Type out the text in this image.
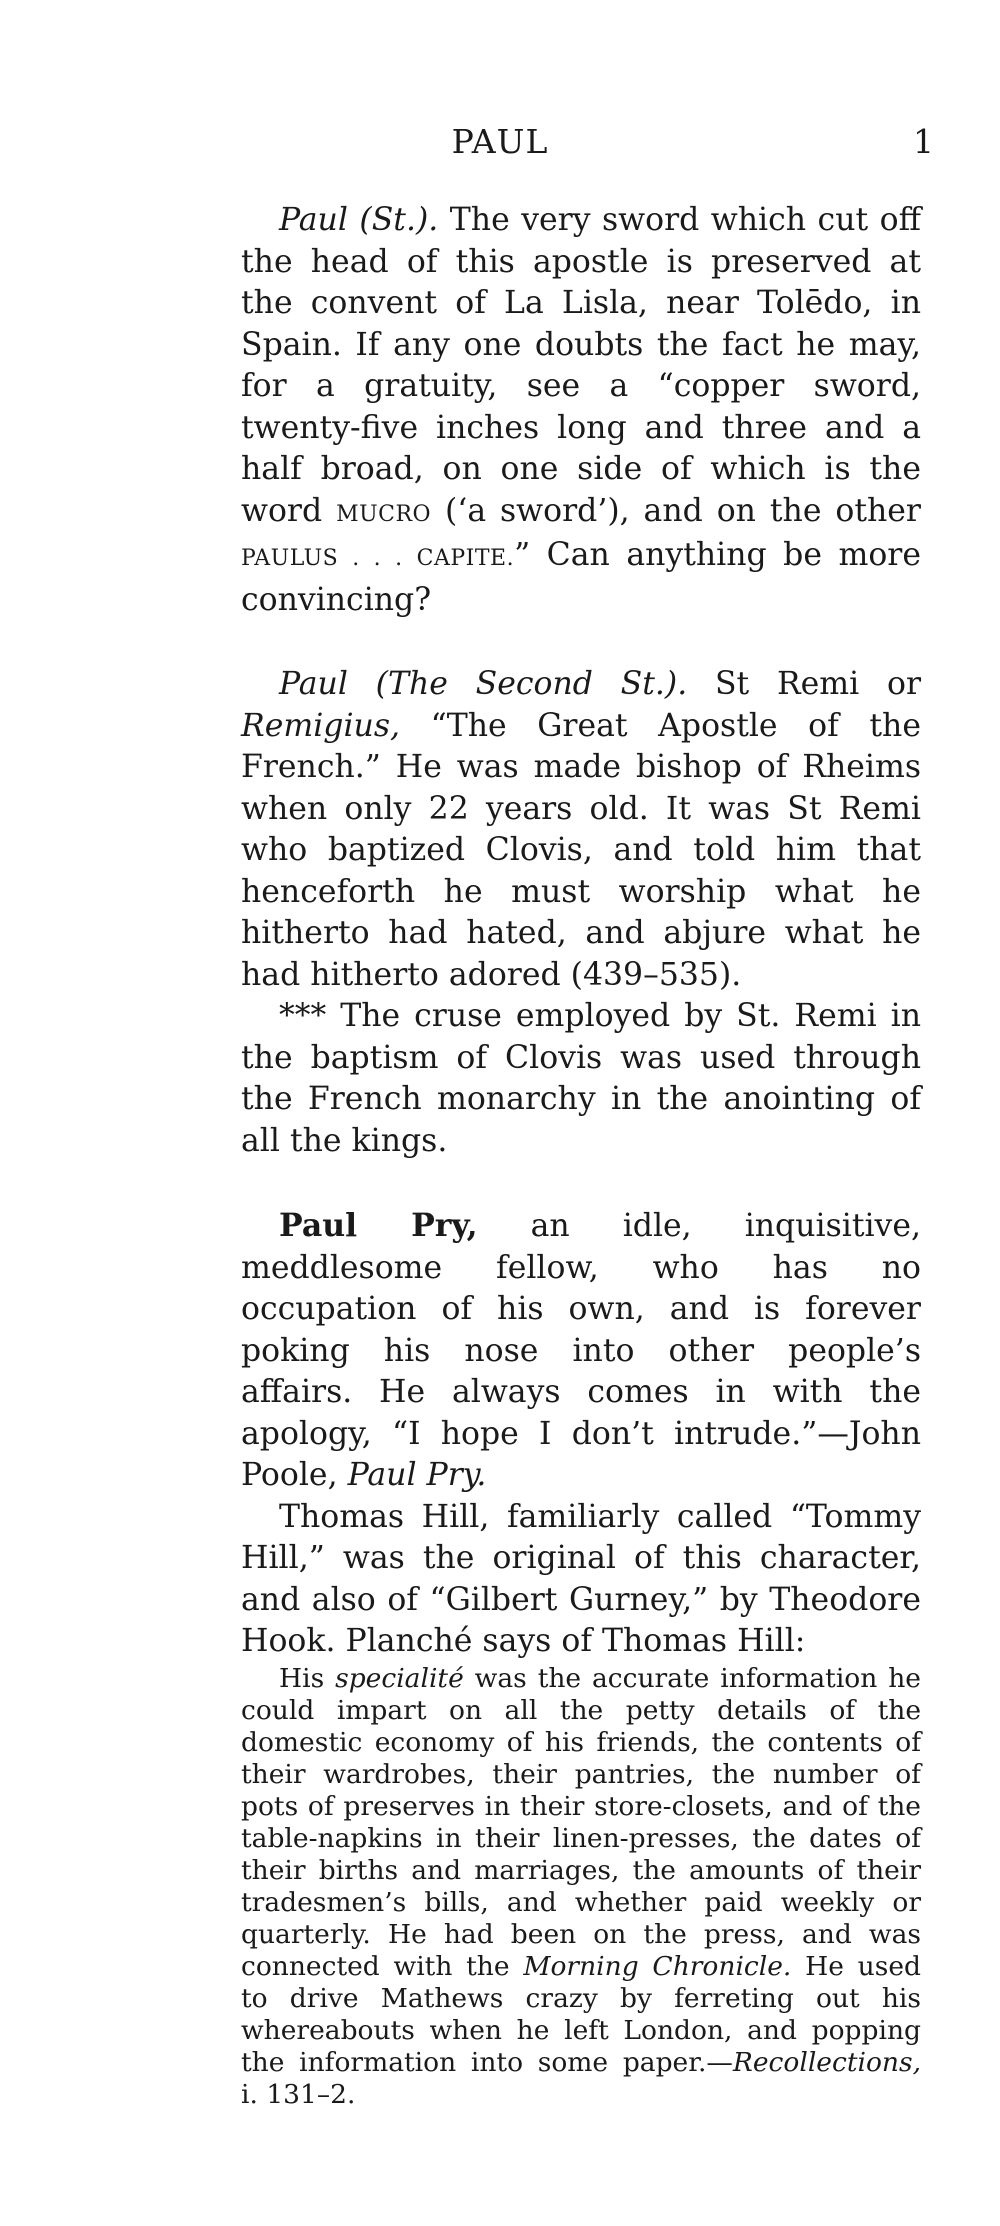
PAUL	1

Paul (St.). The very sword which cut off the head of this apostle is preserved at the convent of La Lisla, near Tolēdo, in Spain. If any one doubts the fact he may, for a gratuity, see a “copper sword, twenty-five inches long and three and a half broad, on one side of which is the word MUCRO (‘a sword’), and on the other PAULUS . . . CAPITE.” Can anything be more convincing?

Paul (The Second St.). St Remi or Remigius, “The Great Apostle of the French.” He was made bishop of Rheims when only 22 years old. It was St Remi who baptized Clovis, and told him that henceforth he must worship what he hitherto had hated, and abjure what he had hitherto adored (439–535).

*** The cruse employed by St. Remi in the baptism of Clovis was used through the French monarchy in the anointing of all the kings.

Paul Pry, an idle, inquisitive, meddlesome fellow, who has no occupation of his own, and is forever poking his nose into other people’s affairs. He always comes in with the apology, “I hope I don’t intrude.”—John Poole, Paul Pry.

Thomas Hill, familiarly called “Tommy Hill,” was the original of this character, and also of “Gilbert Gurney,” by Theodore Hook. Planché says of Thomas Hill:

His specialité was the accurate information he could impart on all the petty details of the domestic economy of his friends, the contents of their wardrobes, their pantries, the number of pots of preserves in their store-closets, and of the table-napkins in their linen-presses, the dates of their births and marriages, the amounts of their tradesmen’s bills, and whether paid weekly or quarterly. He had been on the press, and was connected with the Morning Chronicle. He used to drive Mathews crazy by ferreting out his whereabouts when he left London, and popping the information into some paper.—Recollections, i. 131–2.
